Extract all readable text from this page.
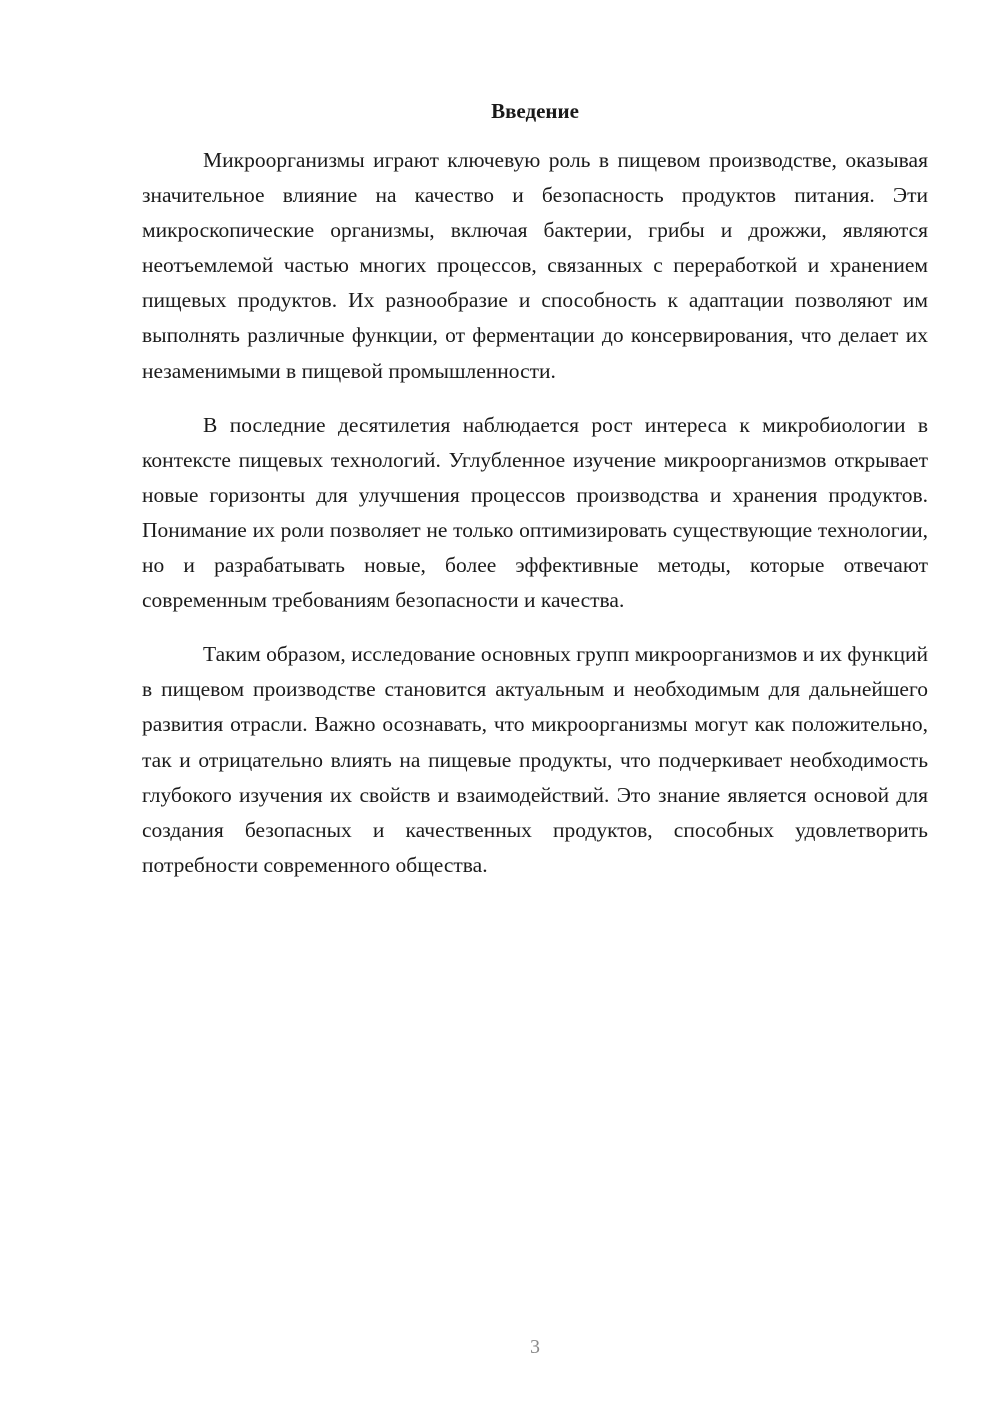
Введение

Микроорганизмы играют ключевую роль в пищевом производстве, оказывая значительное влияние на качество и безопасность продуктов питания. Эти микроскопические организмы, включая бактерии, грибы и дрожжи, являются неотъемлемой частью многих процессов, связанных с переработкой и хранением пищевых продуктов. Их разнообразие и способность к адаптации позволяют им выполнять различные функции, от ферментации до консервирования, что делает их незаменимыми в пищевой промышленности.

В последние десятилетия наблюдается рост интереса к микробиологии в контексте пищевых технологий. Углубленное изучение микроорганизмов открывает новые горизонты для улучшения процессов производства и хранения продуктов. Понимание их роли позволяет не только оптимизировать существующие технологии, но и разрабатывать новые, более эффективные методы, которые отвечают современным требованиям безопасности и качества.

Таким образом, исследование основных групп микроорганизмов и их функций в пищевом производстве становится актуальным и необходимым для дальнейшего развития отрасли. Важно осознавать, что микроорганизмы могут как положительно, так и отрицательно влиять на пищевые продукты, что подчеркивает необходимость глубокого изучения их свойств и взаимодействий. Это знание является основой для создания безопасных и качественных продуктов, способных удовлетворить потребности современного общества.

3
